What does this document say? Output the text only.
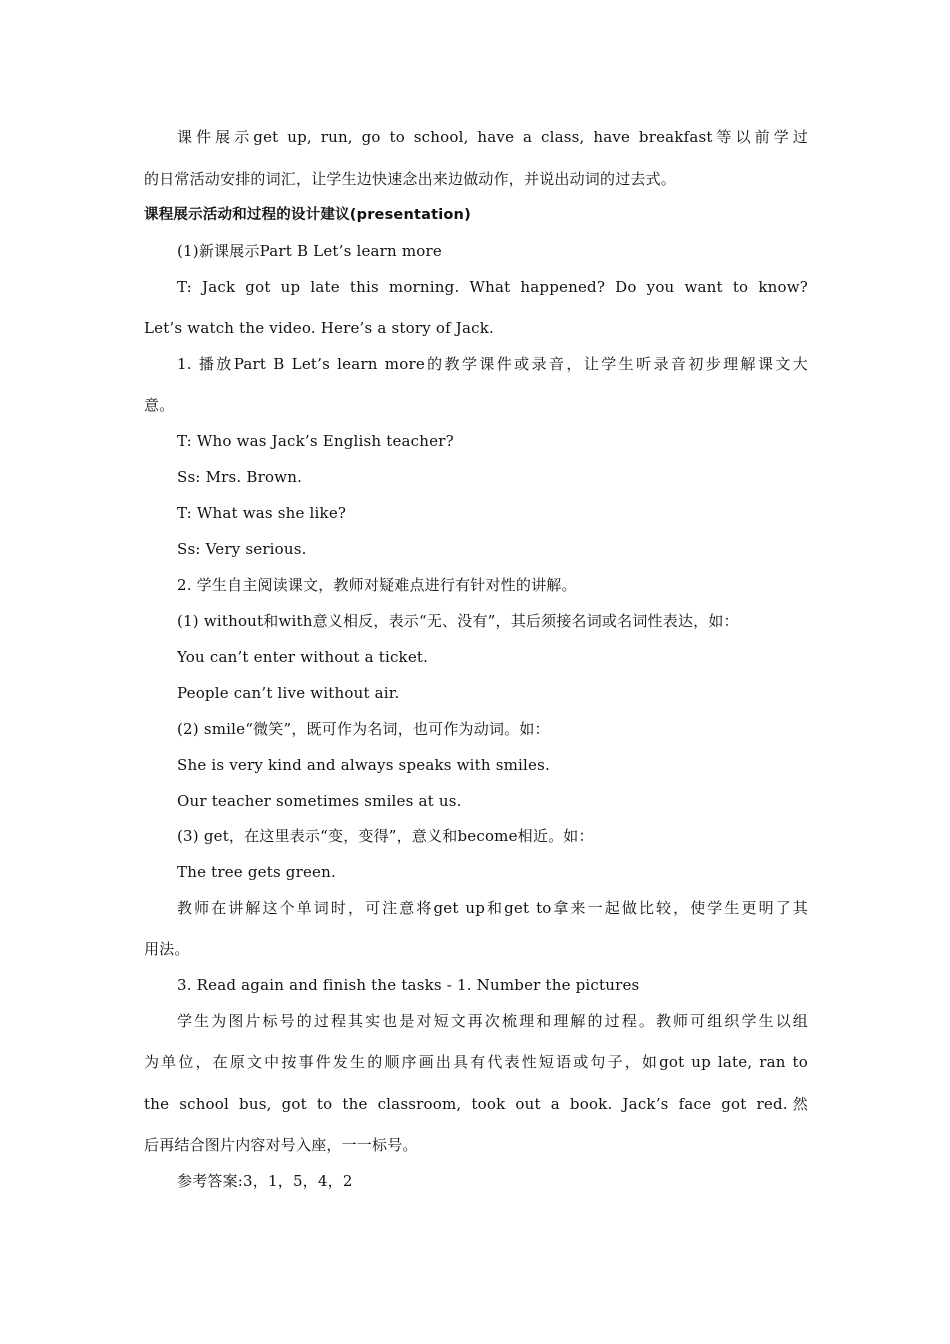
课件展示get up, run, go to school, have a class, have breakfast等以前学过
的日常活动安排的词汇，让学生边快速念出来边做动作，并说出动词的过去式。
课程展示活动和过程的设计建议(presentation)
(1)新课展示Part B Let’s learn more
T: Jack got up late this morning. What happened? Do you want to know?
Let’s watch the video. Here’s a story of Jack.
1. 播放Part B Let’s learn more的教学课件或录音，让学生听录音初步理解课文大
意。
T: Who was Jack’s English teacher?
Ss: Mrs. Brown.
T: What was she like?
Ss: Very serious.
2. 学生自主阅读课文，教师对疑难点进行有针对性的讲解。
(1) without和with意义相反，表示“无、没有”，其后须接名词或名词性表达，如：
You can’t enter without a ticket.
People can’t live without air.
(2) smile“微笑”，既可作为名词，也可作为动词。如：
She is very kind and always speaks with smiles.
Our teacher sometimes smiles at us.
(3) get，在这里表示“变，变得”，意义和become相近。如：
The tree gets green.
教师在讲解这个单词时，可注意将get up和get to拿来一起做比较，使学生更明了其
用法。
3. Read again and finish the tasks - 1. Number the pictures
学生为图片标号的过程其实也是对短文再次梳理和理解的过程。教师可组织学生以组
为单位，在原文中按事件发生的顺序画出具有代表性短语或句子，如got up late, ran to
the school bus, got to the classroom, took out a book. Jack’s face got red.然
后再结合图片内容对号入座，一一标号。
参考答案:3，1，5，4，2
